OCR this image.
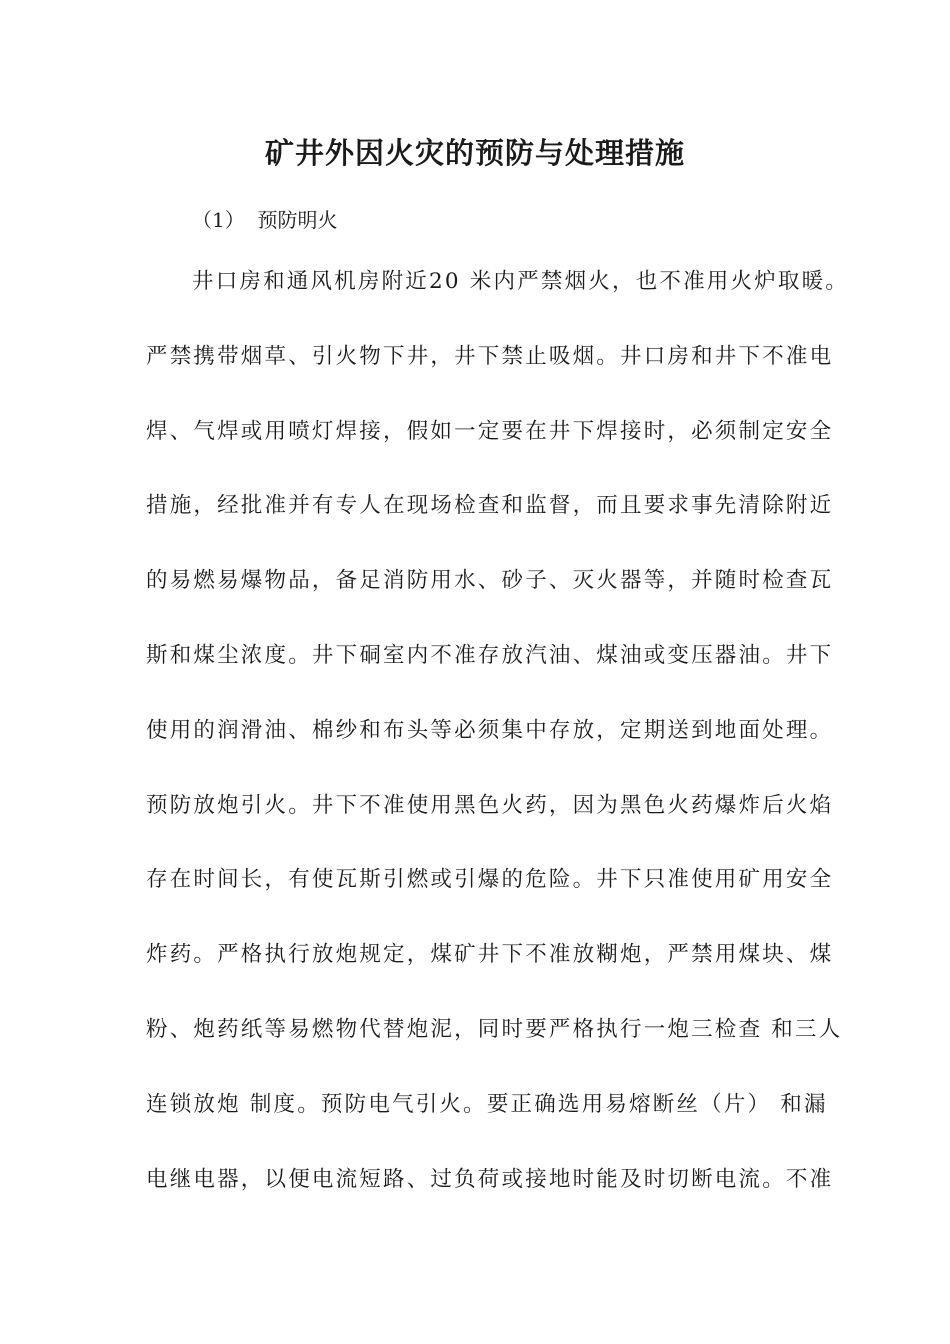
矿井外因火灾的预防与处理措施
（1）  预防明火
井口房和通风机房附近20 米内严禁烟火，也不准用火炉取暖。
严禁携带烟草、引火物下井，井下禁止吸烟。井口房和井下不准电
焊、气焊或用喷灯焊接，假如一定要在井下焊接时，必须制定安全
措施，经批准并有专人在现场检查和监督，而且要求事先清除附近
的易燃易爆物品，备足消防用水、砂子、灭火器等，并随时检查瓦
斯和煤尘浓度。井下硐室内不准存放汽油、煤油或变压器油。井下
使用的润滑油、棉纱和布头等必须集中存放，定期送到地面处理。
预防放炮引火。井下不准使用黑色火药，因为黑色火药爆炸后火焰
存在时间长，有使瓦斯引燃或引爆的危险。井下只准使用矿用安全
炸药。严格执行放炮规定，煤矿井下不准放糊炮，严禁用煤块、煤
粉、炮药纸等易燃物代替炮泥，同时要严格执行一炮三检查 和三人
连锁放炮 制度。预防电气引火。要正确选用易熔断丝（片） 和漏
电继电器，以便电流短路、过负荷或接地时能及时切断电流。不准
